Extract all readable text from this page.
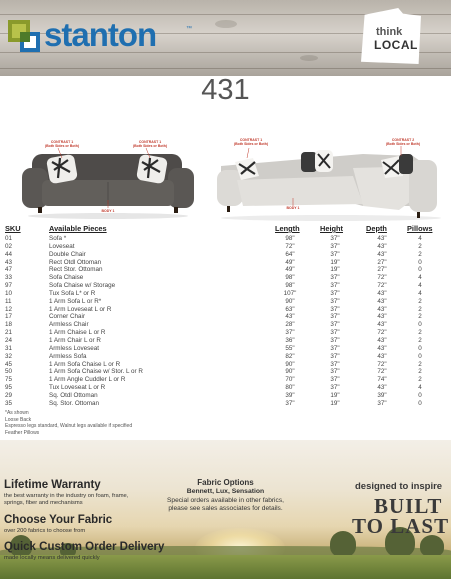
stanton	™	think
LOCAL
431
CONTRAST 1
(Both Sides or Both)
CONTRAST 1
(Both Sides or Both)
BODY 1
CONTRAST 1
(Both Sides or Both)
CONTRAST 2
(Both Sides or Both)
BODY 1
SKU	Available Pieces	Length	Height	Depth	Pillows
01	Sofa *	98"	37"	43"	4
02	Loveseat	72"	37"	43"	2
44	Double Chair	64"	37"	43"	2
43	Rect Otdl Ottoman	49"	19"	27"	0
47	Rect Stor. Ottoman	49"	19"	27"	0
33	Sofa Chaise	98"	37"	72"	4
97	Sofa Chaise w/ Storage	98"	37"	72"	4
10	Tux Sofa L* or R	107"	37"	43"	4
11	1 Arm Sofa L or R*	90"	37"	43"	2
12	1 Arm Loveseat L or R	63"	37"	43"	2
17	Corner Chair	43"	37"	43"	2
18	Armless Chair	28"	37"	43"	0
21	1 Arm Chaise L or R	37"	37"	72"	2
24	1 Arm Chair L or R	36"	37"	43"	2
31	Armless Loveseat	55"	37"	43"	0
32	Armless Sofa	82"	37"	43"	0
45	1 Arm Sofa Chaise L or R	90"	37"	72"	2
50	1 Arm Sofa Chaise w/ Stor. L or R	90"	37"	72"	2
75	1 Arm Angle Cuddler L or R	70"	37"	74"	2
95	Tux Loveseat L or R	80"	37"	43"	4
29	Sq. Otdl Ottoman	39"	19"	39"	0
35	Sq. Stor. Ottoman	37"	19"	37"	0
*As shown
Loose Back
Espresso legs standard, Walnut legs available if specified
Feather Pillows
Lifetime Warranty
the best warranty in the industry on foam, frame,
springs, fiber and mechanisms
Choose Your Fabric
over 200 fabrics to choose from
Quick Custom Order Delivery
made locally means delivered quickly
Fabric Options
Bennett, Lux, Sensation
Special orders available in other fabrics,
please see sales associates for details.
designed to inspire
BUILT
TO LAST
